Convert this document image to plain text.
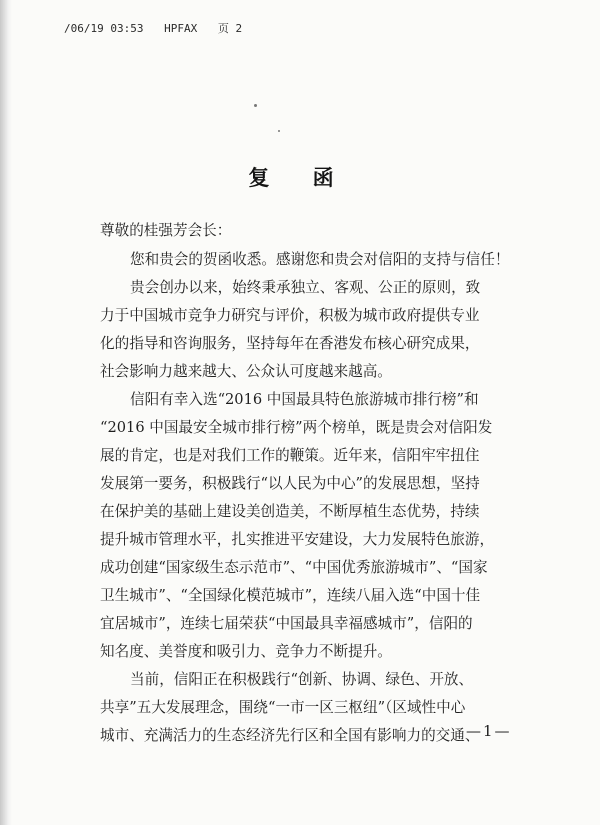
/06/19 03:53 HPFAX 页 2
复 函
尊敬的桂强芳会长：
您和贵会的贺函收悉。感谢您和贵会对信阳的支持与信任！
贵会创办以来，始终秉承独立、客观、公正的原则，致
力于中国城市竞争力研究与评价，积极为城市政府提供专业
化的指导和咨询服务，坚持每年在香港发布核心研究成果，
社会影响力越来越大、公众认可度越来越高。
信阳有幸入选“2016 中国最具特色旅游城市排行榜”和
“2016 中国最安全城市排行榜”两个榜单，既是贵会对信阳发
展的肯定，也是对我们工作的鞭策。近年来，信阳牢牢扭住
发展第一要务，积极践行“以人民为中心”的发展思想，坚持
在保护美的基础上建设美创造美，不断厚植生态优势，持续
提升城市管理水平，扎实推进平安建设，大力发展特色旅游，
成功创建“国家级生态示范市”、“中国优秀旅游城市”、“国家
卫生城市”、“全国绿化模范城市”，连续八届入选“中国十佳
宜居城市”，连续七届荣获“中国最具幸福感城市”，信阳的
知名度、美誉度和吸引力、竞争力不断提升。
当前，信阳正在积极践行“创新、协调、绿色、开放、
共享”五大发展理念，围绕“一市一区三枢纽”（区域性中心
城市、充满活力的生态经济先行区和全国有影响力的交通、
—1—
